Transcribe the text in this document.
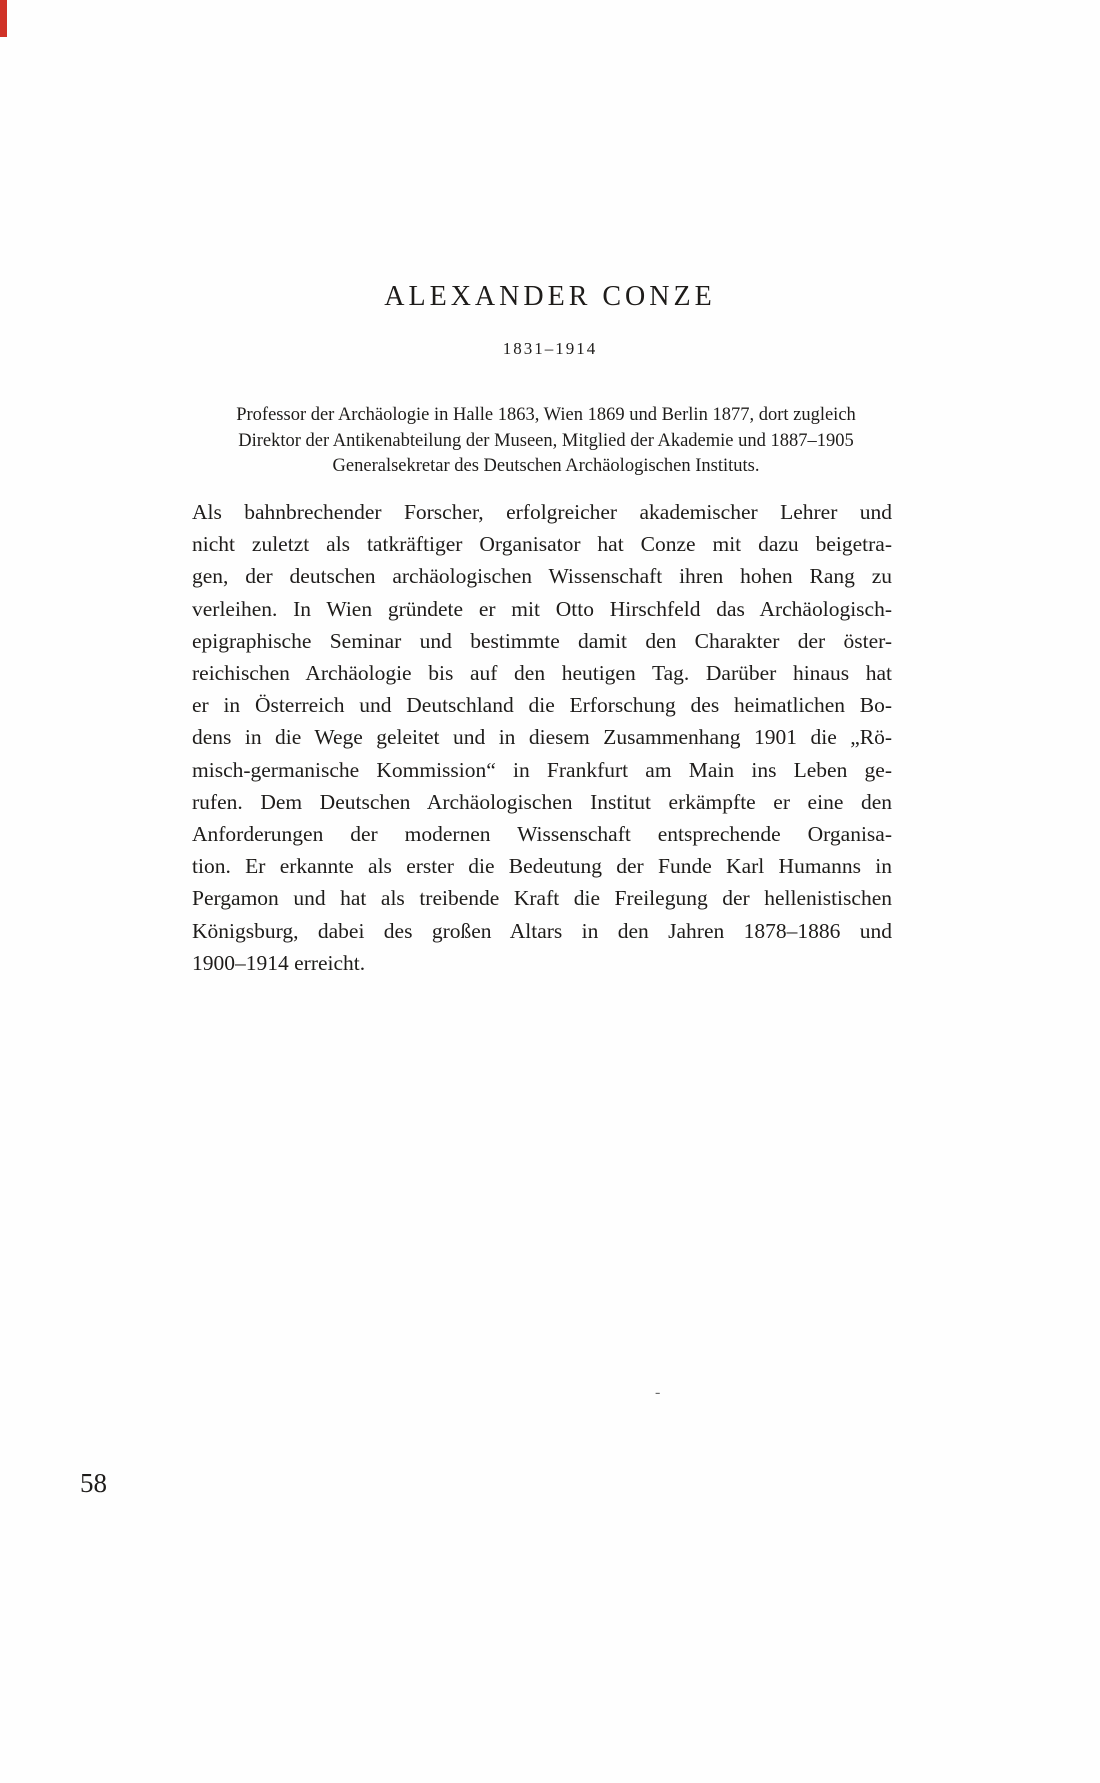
ALEXANDER CONZE
1831–1914
Professor der Archäologie in Halle 1863, Wien 1869 und Berlin 1877, dort zugleich
Direktor der Antikenabteilung der Museen, Mitglied der Akademie und 1887–1905
Generalsekretar des Deutschen Archäologischen Instituts.
Als bahnbrechender Forscher, erfolgreicher akademischer Lehrer und
nicht zuletzt als tatkräftiger Organisator hat Conze mit dazu beigetra-
gen, der deutschen archäologischen Wissenschaft ihren hohen Rang zu
verleihen. In Wien gründete er mit Otto Hirschfeld das Archäologisch-
epigraphische Seminar und bestimmte damit den Charakter der öster-
reichischen Archäologie bis auf den heutigen Tag. Darüber hinaus hat
er in Österreich und Deutschland die Erforschung des heimatlichen Bo-
dens in die Wege geleitet und in diesem Zusammenhang 1901 die „Rö-
misch-germanische Kommission“ in Frankfurt am Main ins Leben ge-
rufen. Dem Deutschen Archäologischen Institut erkämpfte er eine den
Anforderungen der modernen Wissenschaft entsprechende Organisa-
tion. Er erkannte als erster die Bedeutung der Funde Karl Humanns in
Pergamon und hat als treibende Kraft die Freilegung der hellenistischen
Königsburg, dabei des großen Altars in den Jahren 1878–1886 und
1900–1914 erreicht.
-
58
